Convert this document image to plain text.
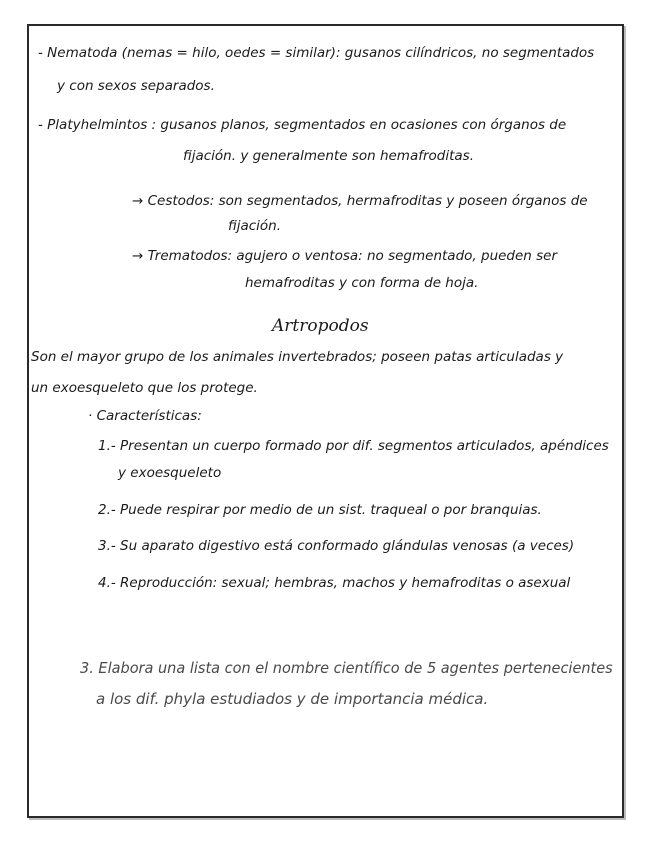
- Nematoda (nemas = hilo, oedes = similar): gusanos cilíndricos, no segmentados
y con sexos separados.
- Platyhelmintos : gusanos planos, segmentados en ocasiones con órganos de
fijación. y generalmente son hemafroditas.
→ Cestodos: son segmentados, hermafroditas y poseen órganos de
fijación.
→ Trematodos: agujero o ventosa: no segmentado, pueden ser
hemafroditas y con forma de hoja.
Artropodos
Son el mayor grupo de los animales invertebrados; poseen patas articuladas y
un exoesqueleto que los protege.
· Características:
1.- Presentan un cuerpo formado por dif. segmentos articulados, apéndices
y exoesqueleto
2.- Puede respirar por medio de un sist. traqueal o por branquias.
3.- Su aparato digestivo está conformado glándulas venosas (a veces)
4.- Reproducción: sexual; hembras, machos y hemafroditas o asexual
3. Elabora una lista con el nombre científico de 5 agentes pertenecientes
a los dif. phyla estudiados y de importancia médica.
